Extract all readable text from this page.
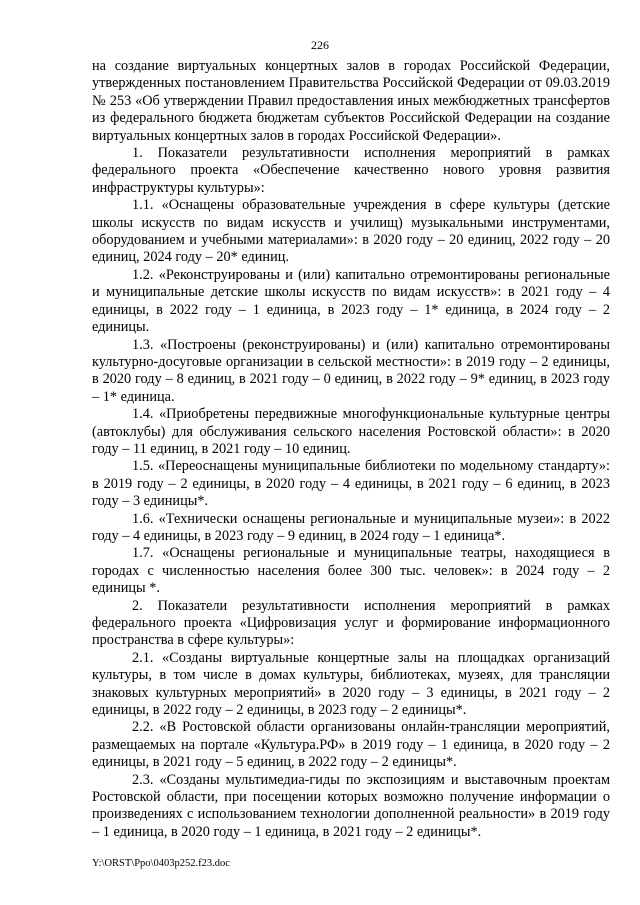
226

на создание виртуальных концертных залов в городах Российской Федерации, утвержденных постановлением Правительства Российской Федерации от 09.03.2019 № 253 «Об утверждении Правил предоставления иных межбюджетных трансфертов из федерального бюджета бюджетам субъектов Российской Федерации на создание виртуальных концертных залов в городах Российской Федерации».

1. Показатели результативности исполнения мероприятий в рамках федерального проекта «Обеспечение качественно нового уровня развития инфраструктуры культуры»:

1.1. «Оснащены образовательные учреждения в сфере культуры (детские школы искусств по видам искусств и училищ) музыкальными инструментами, оборудованием и учебными материалами»: в 2020 году – 20 единиц, 2022 году – 20 единиц, 2024 году – 20* единиц.

1.2. «Реконструированы и (или) капитально отремонтированы региональные и муниципальные детские школы искусств по видам искусств»: в 2021 году – 4 единицы, в 2022 году – 1 единица, в 2023 году – 1* единица, в 2024 году – 2 единицы.

1.3. «Построены (реконструированы) и (или) капитально отремонтированы культурно-досуговые организации в сельской местности»: в 2019 году – 2 единицы, в 2020 году – 8 единиц, в 2021 году – 0 единиц, в 2022 году – 9* единиц, в 2023 году – 1* единица.

1.4. «Приобретены передвижные многофункциональные культурные центры (автоклубы) для обслуживания сельского населения Ростовской области»: в 2020 году – 11 единиц, в 2021 году – 10 единиц.

1.5. «Переоснащены муниципальные библиотеки по модельному стандарту»: в 2019 году – 2 единицы, в 2020 году – 4 единицы, в 2021 году – 6 единиц, в 2023 году – 3 единицы*.

1.6. «Технически оснащены региональные и муниципальные музеи»: в 2022 году – 4 единицы, в 2023 году – 9 единиц, в 2024 году – 1 единица*.

1.7. «Оснащены региональные и муниципальные театры, находящиеся в городах с численностью населения более 300 тыс. человек»: в 2024 году – 2 единицы *.

2. Показатели результативности исполнения мероприятий в рамках федерального проекта «Цифровизация услуг и формирование информационного пространства в сфере культуры»:

2.1. «Созданы виртуальные концертные залы на площадках организаций культуры, в том числе в домах культуры, библиотеках, музеях, для трансляции знаковых культурных мероприятий» в 2020 году – 3 единицы, в 2021 году – 2 единицы, в 2022 году – 2 единицы, в 2023 году – 2 единицы*.

2.2. «В Ростовской области организованы онлайн-трансляции мероприятий, размещаемых на портале «Культура.РФ» в 2019 году – 1 единица, в 2020 году – 2 единицы, в 2021 году – 5 единиц, в 2022 году – 2 единицы*.

2.3. «Созданы мультимедиа-гиды по экспозициям и выставочным проектам Ростовской области, при посещении которых возможно получение информации о произведениях с использованием технологии дополненной реальности» в 2019 году – 1 единица, в 2020 году – 1 единица, в 2021 году – 2 единицы*.

Y:\ORST\Ppo\0403p252.f23.doc
